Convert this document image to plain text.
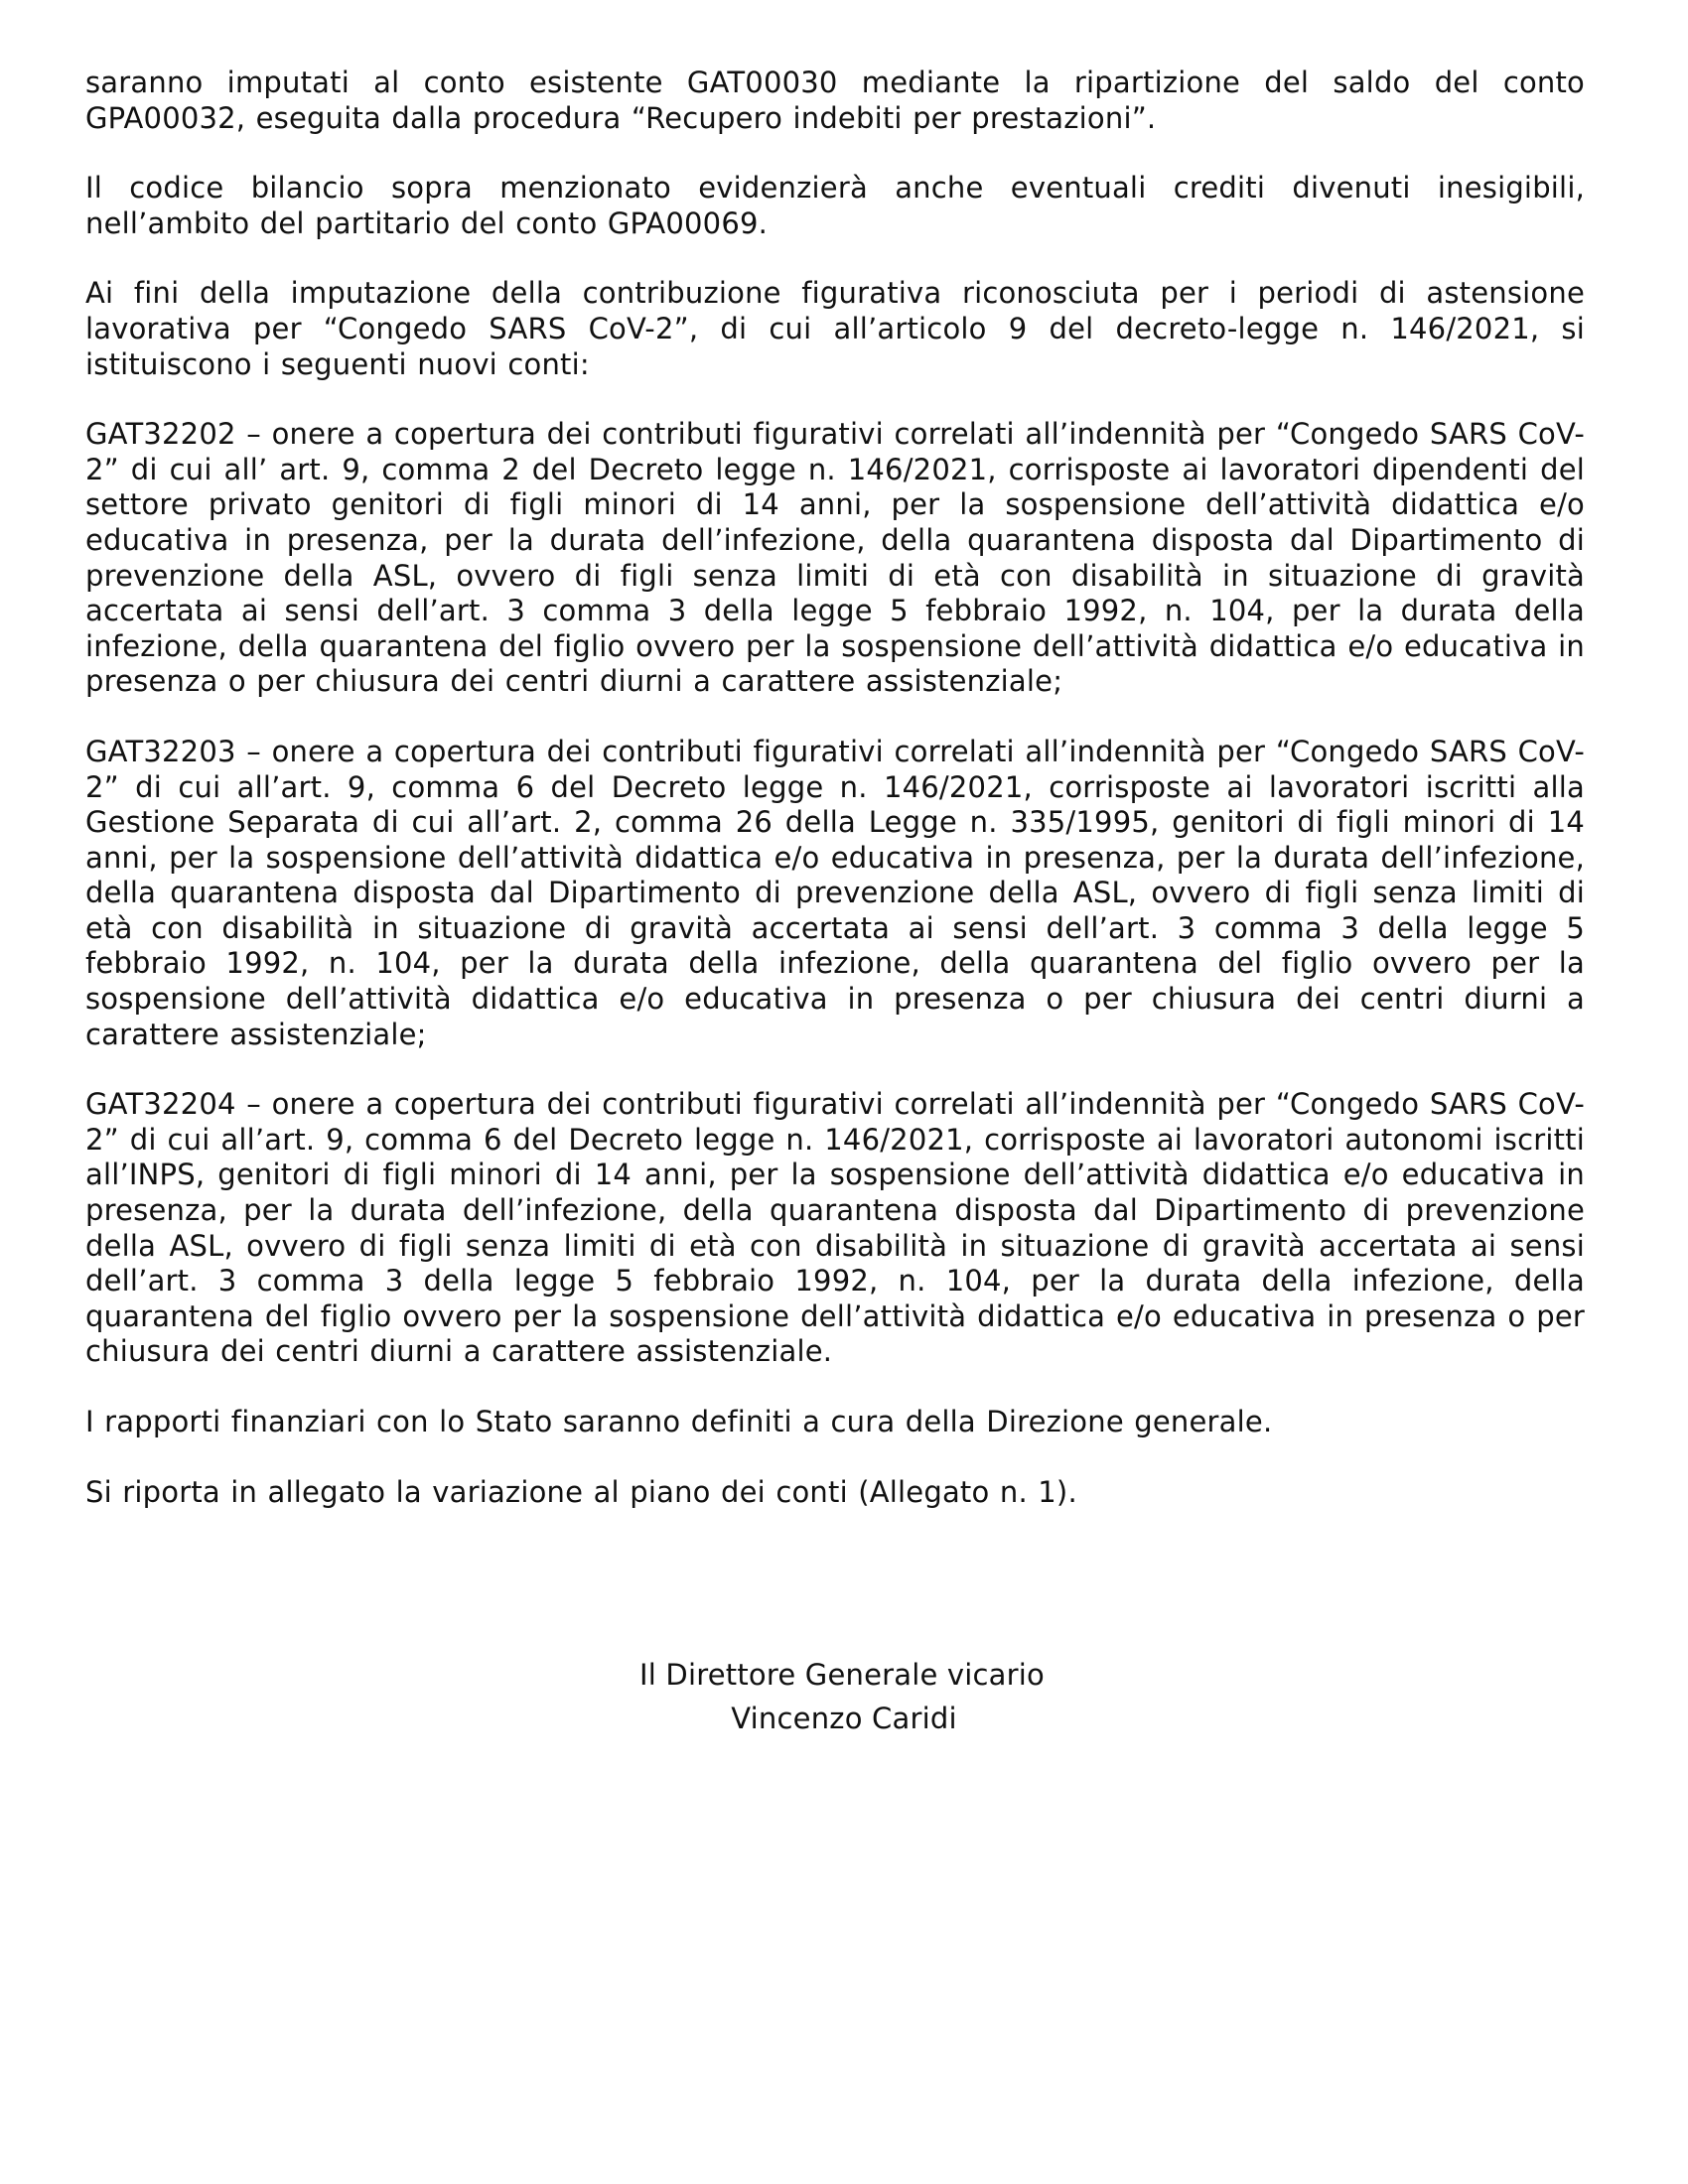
saranno imputati al conto esistente GAT00030 mediante la ripartizione del saldo del conto GPA00032, eseguita dalla procedura “Recupero indebiti per prestazioni”.

Il codice bilancio sopra menzionato evidenzierà anche eventuali crediti divenuti inesigibili, nell’ambito del partitario del conto GPA00069.

Ai fini della imputazione della contribuzione figurativa riconosciuta per i periodi di astensione lavorativa per “Congedo SARS CoV-2”, di cui all’articolo 9 del decreto-legge n. 146/2021, si istituiscono i seguenti nuovi conti:

GAT32202 – onere a copertura dei contributi figurativi correlati all’indennità per “Congedo SARS CoV-2” di cui all’ art. 9, comma 2 del Decreto legge n. 146/2021, corrisposte ai lavoratori dipendenti del settore privato genitori di figli minori di 14 anni, per la sospensione dell’attività didattica e/o educativa in presenza, per la durata dell’infezione, della quarantena disposta dal Dipartimento di prevenzione della ASL, ovvero di figli senza limiti di età con disabilità in situazione di gravità accertata ai sensi dell’art. 3 comma 3 della legge 5 febbraio 1992, n. 104, per la durata della infezione, della quarantena del figlio ovvero per la sospensione dell’attività didattica e/o educativa in presenza o per chiusura dei centri diurni a carattere assistenziale;

GAT32203 – onere a copertura dei contributi figurativi correlati all’indennità per “Congedo SARS CoV-2” di cui all’art. 9, comma 6 del Decreto legge n. 146/2021, corrisposte ai lavoratori iscritti alla Gestione Separata di cui all’art. 2, comma 26 della Legge n. 335/1995, genitori di figli minori di 14 anni, per la sospensione dell’attività didattica e/o educativa in presenza, per la durata dell’infezione, della quarantena disposta dal Dipartimento di prevenzione della ASL, ovvero di figli senza limiti di età con disabilità in situazione di gravità accertata ai sensi dell’art. 3 comma 3 della legge 5 febbraio 1992, n. 104, per la durata della infezione, della quarantena del figlio ovvero per la sospensione dell’attività didattica e/o educativa in presenza o per chiusura dei centri diurni a carattere assistenziale;

GAT32204 – onere a copertura dei contributi figurativi correlati all’indennità per “Congedo SARS CoV-2” di cui all’art. 9, comma 6 del Decreto legge n. 146/2021, corrisposte ai lavoratori autonomi iscritti all’INPS, genitori di figli minori di 14 anni, per la sospensione dell’attività didattica e/o educativa in presenza, per la durata dell’infezione, della quarantena disposta dal Dipartimento di prevenzione della ASL, ovvero di figli senza limiti di età con disabilità in situazione di gravità accertata ai sensi dell’art. 3 comma 3 della legge 5 febbraio 1992, n. 104, per la durata della infezione, della quarantena del figlio ovvero per la sospensione dell’attività didattica e/o educativa in presenza o per chiusura dei centri diurni a carattere assistenziale.

I rapporti finanziari con lo Stato saranno definiti a cura della Direzione generale.

Si riporta in allegato la variazione al piano dei conti (Allegato n. 1).

Il Direttore Generale vicario
Vincenzo Caridi
